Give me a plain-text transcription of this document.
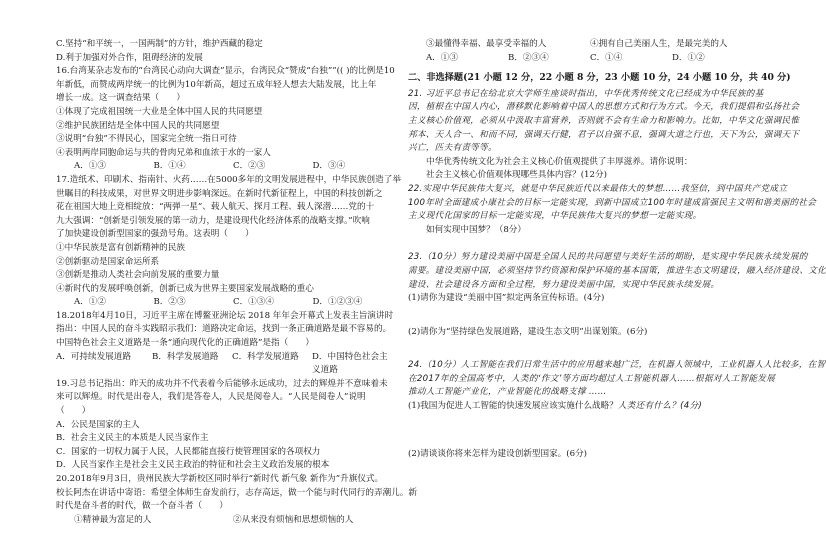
C.坚持“和平统一，一国两制”的方针，维护西藏的稳定
D.利于加强对外合作，阻碍经济的发展
16.台湾某杂志发布的“台湾民心动向大调查”显示，台湾民众“赞成“台独””(( )的比例是10
年新低，而赞成两岸统一的比例为10年新高，超过五成年轻人想去大陆发展，比上年
增长一成。这一调查结果（　　）
①体现了完成祖国统一大业是全体中国人民的共同愿望
②维护民族团结是全体中国人民的共同愿望
③说明“台独”不得民心，国家完全统一指日可待
④表明两岸同胞命运与共的骨肉兄弟和血浓于水的一家人
A．①③	B．①④	C．②③	D．③④
17.造纸术、印刷术、指南针、火药……在5000多年的文明发展进程中，中华民族创造了举
世瞩目的科技成果，对世界文明进步影响深远。在新时代新征程上，中国的科技创新之
花在祖国大地上竞相绽放：“两弹一星”、载人航天、探月工程、载人深潜……党的十
九大强调：“创新是引领发展的第一动力，是建设现代化经济体系的战略支撑。”吹响
了加快建设创新型国家的强劲号角。这表明（　　）
①中华民族是富有创新精神的民族
②创新驱动是国家命运所系
③创新是推动人类社会向前发展的重要力量
④新时代的发展呼唤创新，创新已成为世界主要国家发展战略的重心
A．①②	B．②③	C．①③④	D．①②③④
18.2018年4月10日，习近平主席在博鳌亚洲论坛 2018 年年会开幕式上发表主旨演讲时
指出：中国人民的奋斗实践昭示我们：道路决定命运，找到一条正确道路是最不容易的。
中国特色社会主义道路是一条“通向现代化的正确道路”是指（　　）
A．可持续发展道路	B．科学发展道路	C．科学发展道路	D．中国特色社会主义道路
19.习总书记指出：昨天的成功并不代表着今后能够永远成功，过去的辉煌并不意味着未
来可以辉煌。时代是出卷人，我们是答卷人，人民是阅卷人。“人民是阅卷人”说明
（　　）
A．公民是国家的主人
B．社会主义民主的本质是人民当家作主
C．国家的一切权力属于人民，人民都能直接行使管理国家的各项权力
D．人民当家作主是社会主义民主政治的特征和社会主义政治发展的根本
20.2018年9月3日，贵州民族大学新校区同时举行“新时代 新气象 新作为”升旗仪式。
校长阿杰在讲话中寄语：希望全体师生奋发前行，志存高远，做一个能与时代同行的弄潮儿。新
时代是奋斗者的时代，做一个奋斗者（　　）
①精神最为富足的人	②从来没有烦恼和思想烦恼的人
③最懂得幸福、最享受幸福的人	④拥有自己美丽人生，是最完美的人
A．①③	B．②③④	C．①④	D．①②
二、非选择题(21 小题 12 分，22 小题 8 分，23 小题 10 分，24 小题 10 分，共 40 分)
21. 习近平总书记在给北京大学师生座谈时指出，中华优秀传统文化已经成为中华民族的基
因，植根在中国人内心，潜移默化影响着中国人的思想方式和行为方式。今天，我们提倡和弘扬社会
主义核心价值观，必须从中汲取丰富营养，否则就不会有生命力和影响力。比如，中华文化强调民惟
邦本、天人合一、和而不同，强调天行健，君子以自强不息，强调大道之行也，天下为公，强调天下
兴亡，匹夫有责等等。
中华优秀传统文化为社会主义核心价值观提供了丰厚滋养。请你说明：
社会主义核心价值观体现哪些具体内容？(12分)
22.实现中华民族伟大复兴，就是中华民族近代以来最伟大的梦想……我坚信，到中国共产党成立
100年时全面建成小康社会的目标一定能实现，到新中国成立100年时建成富强民主文明和谐美丽的社会
主义现代化国家的目标一定能实现，中华民族伟大复兴的梦想一定能实现。
如何实现中国梦？（8分）
23.（10分）努力建设美丽中国是全国人民的共同愿望与美好生活的期盼，是实现中华民族永续发展的
需要。建设美丽中国，必须坚持节约资源和保护环境的基本国策，推进生态文明建设，融入经济建设、文化
建设、社会建设各方面和全过程，努力建设美丽中国，实现中华民族永续发展。
(1)请你为建设“美丽中国”拟定两条宣传标语。(4分)
(2)请你为“坚持绿色发展道路，建设生态文明”出谋划策。(6分)
24.（10分）人工智能在我们日常生活中的应用越来越广泛，在机器人领域中，工业机器人人比较多，在智
在2017年的全国高考中，人类的‘作文’等方面均超过人工智能机器人……根据对人工智能发展
推动人工智能产业化，产业智能化的战略支撑 ……
(1)我国为促进人工智能的快速发展应该实施什么战略？人类还有什么？(4分)
(2)请谈谈你将来怎样为建设创新型国家。(6分)
